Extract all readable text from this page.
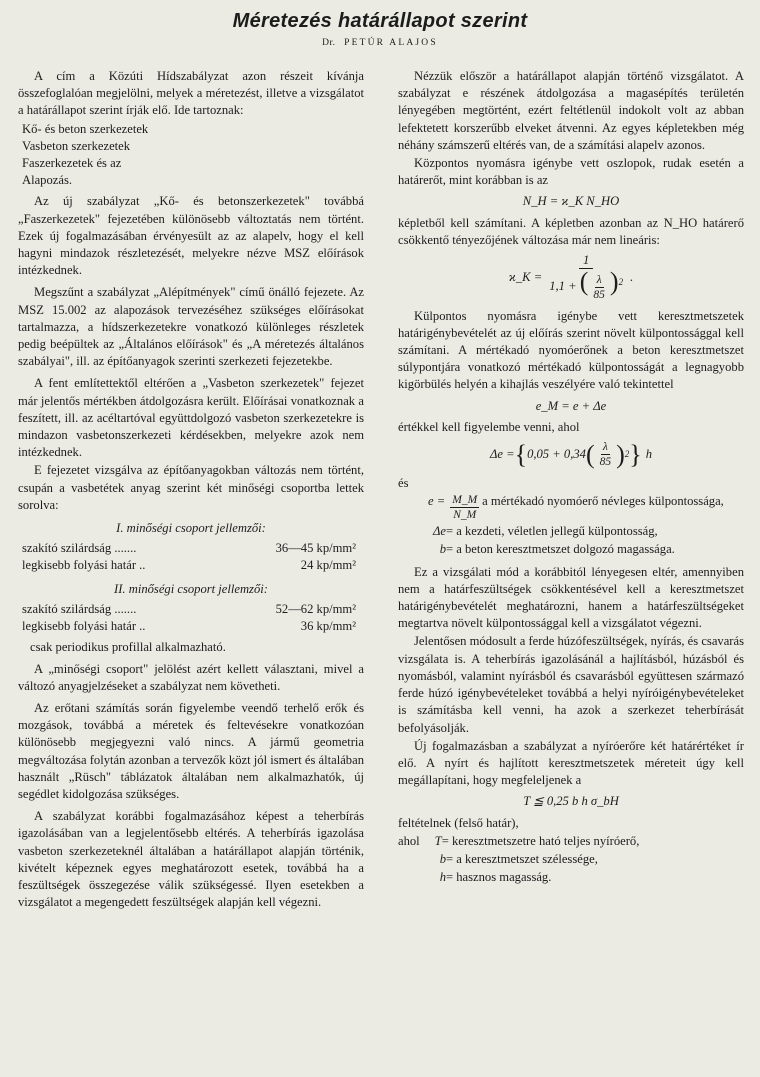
Méretezés határállapot szerint
Dr. PETÚR ALAJOS
A cím a Közúti Hídszabályzat azon részeit kívánja összefoglalóan megjelölni, melyek a méretezést, illetve a vizsgálatot a határállapot szerint írják elő. Ide tartoznak:
Kő- és beton szerkezetek
Vasbeton szerkezetek
Faszerkezetek és az
Alapozás.
Az új szabályzat „Kő- és betonszerkezetek" továbbá „Faszerkezetek" fejezetében különösebb változtatás nem történt. Ezek új fogalmazásában érvényesült az az alapelv, hogy el kell hagyni mindazok részletezését, melyekre nézve MSZ előírások intézkednek.
Megszűnt a szabályzat „Alépítmények" című önálló fejezete. Az MSZ 15.002 az alapozások tervezéséhez szükséges előírásokat tartalmazza, a hídszerkezetekre vonatkozó különleges részletek pedig beépültek az „Általános előírások" és „A méretezés általános szabályai", ill. az építőanyagok szerinti szerkezeti fejezetekbe.
A fent említettektől eltérően a „Vasbeton szerkezetek" fejezet már jelentős mértékben átdolgozásra került. Előírásai vonatkoznak a feszített, ill. az acéltartóval együttdolgozó vasbeton szerkezetekre is mindazon vasbetonszerkezeti kérdésekben, melyekre azok nem intézkednek.
E fejezetet vizsgálva az építőanyagokban változás nem történt, csupán a vasbetétek anyag szerint két minőségi csoportba lettek sorolva:
I. minőségi csoport jellemzői:
szakító szilárdság .......	36—45 kp/mm²
legkisebb folyási határ ..	24 kp/mm²
II. minőségi csoport jellemzői:
szakító szilárdság .......	52—62 kp/mm²
legkisebb folyási határ ..	36 kp/mm²
csak periodikus profillal alkalmazható.
A „minőségi csoport" jelölést azért kellett választani, mivel a változó anyagjelzéseket a szabályzat nem követheti.
Az erőtani számítás során figyelembe veendő terhelő erők és mozgások, továbbá a méretek és feltevésekre vonatkozóan különösebb megjegyezni való nincs. A jármű geometria megváltozása folytán azonban a tervezők közt jól ismert és általában használt „Rüsch" táblázatok általában nem alkalmazhatók, új segédlet kidolgozása szükséges.
A szabályzat korábbi fogalmazásához képest a teherbírás igazolásában van a legjelentősebb eltérés. A teherbírás igazolása vasbeton szerkezeteknél általában a határállapot alapján történik, kivételt képeznek egyes meghatározott esetek, továbbá ha a feszültségek összegezése válik szükségessé. Ilyen esetekben a vizsgálatot a megengedett feszültségek alapján kell végezni.
Nézzük először a határállapot alapján történő vizsgálatot. A szabályzat e részének átdolgozása a magasépítés területén lényegében megtörtént, ezért feltétlenül indokolt volt az abban lefektetett korszerűbb elveket átvenni. Az egyes képletekben még néhány számszerű eltérés van, de a számítási alapelv azonos.
Központos nyomásra igénybe vett oszlopok, rudak esetén a határerőt, mint korábban is az
N_H = ϰ_K N_HO
képletből kell számítani. A képletben azonban az N_HO határerő csökkentő tényezőjének változása már nem lineáris:
ϰ_K = $\frac{1}{1,1 + ( \frac{\lambda}{85} )^2}$ .
Külpontos nyomásra igénybe vett keresztmetszetek határigénybevételét az új előírás szerint növelt külpontossággal kell számítani. A mértékadó nyomóerőnek a beton keresztmetszet súlypontjára vonatkozó mértékadó külpontosságát a legnagyobb kigörbülés helyén a kihajlás veszélyére való tekintettel
e_M = e + Δe
értékkel kell figyelembe venni, ahol
Δe = { 0,05 + 0,34 ( $\frac{\lambda}{85}$ ) 2 } h
és
$e = \frac{M\_M}{N\_M}$ a mértékadó nyomóerő névleges külpontossága,
Δe = a kezdeti, véletlen jellegű külpontosság,
b = a beton keresztmetszet dolgozó magassága.
Ez a vizsgálati mód a korábbitól lényegesen eltér, amennyiben nem a határfeszültségek csökkentésével kell a keresztmetszet határigénybevételét meghatározni, hanem a határfeszültségeket megtartva növelt külpontossággal kell a vizsgálatot végezni.
Jelentősen módosult a ferde húzófeszültségek, nyírás, és csavarás vizsgálata is. A teherbírás igazolásánál a hajlításból, húzásból és nyomásból, valamint nyírásból és csavarásból együttesen származó ferde húzó igénybevételeket továbbá a helyi nyíróigénybevételeket is számításba kell venni, ha azok a szerkezet teherbírását befolyásolják.
Új fogalmazásban a szabályzat a nyíróerőre két határértéket ír elő. A nyírt és hajlított keresztmetszetek méreteit úgy kell megállapítani, hogy megfeleljenek a
T ≦ 0,25 b h σ_bH
feltételnek (felső határ),
ahol	T = keresztmetszetre ható teljes nyíróerő,
b = a keresztmetszet szélessége,
h = hasznos magasság.
